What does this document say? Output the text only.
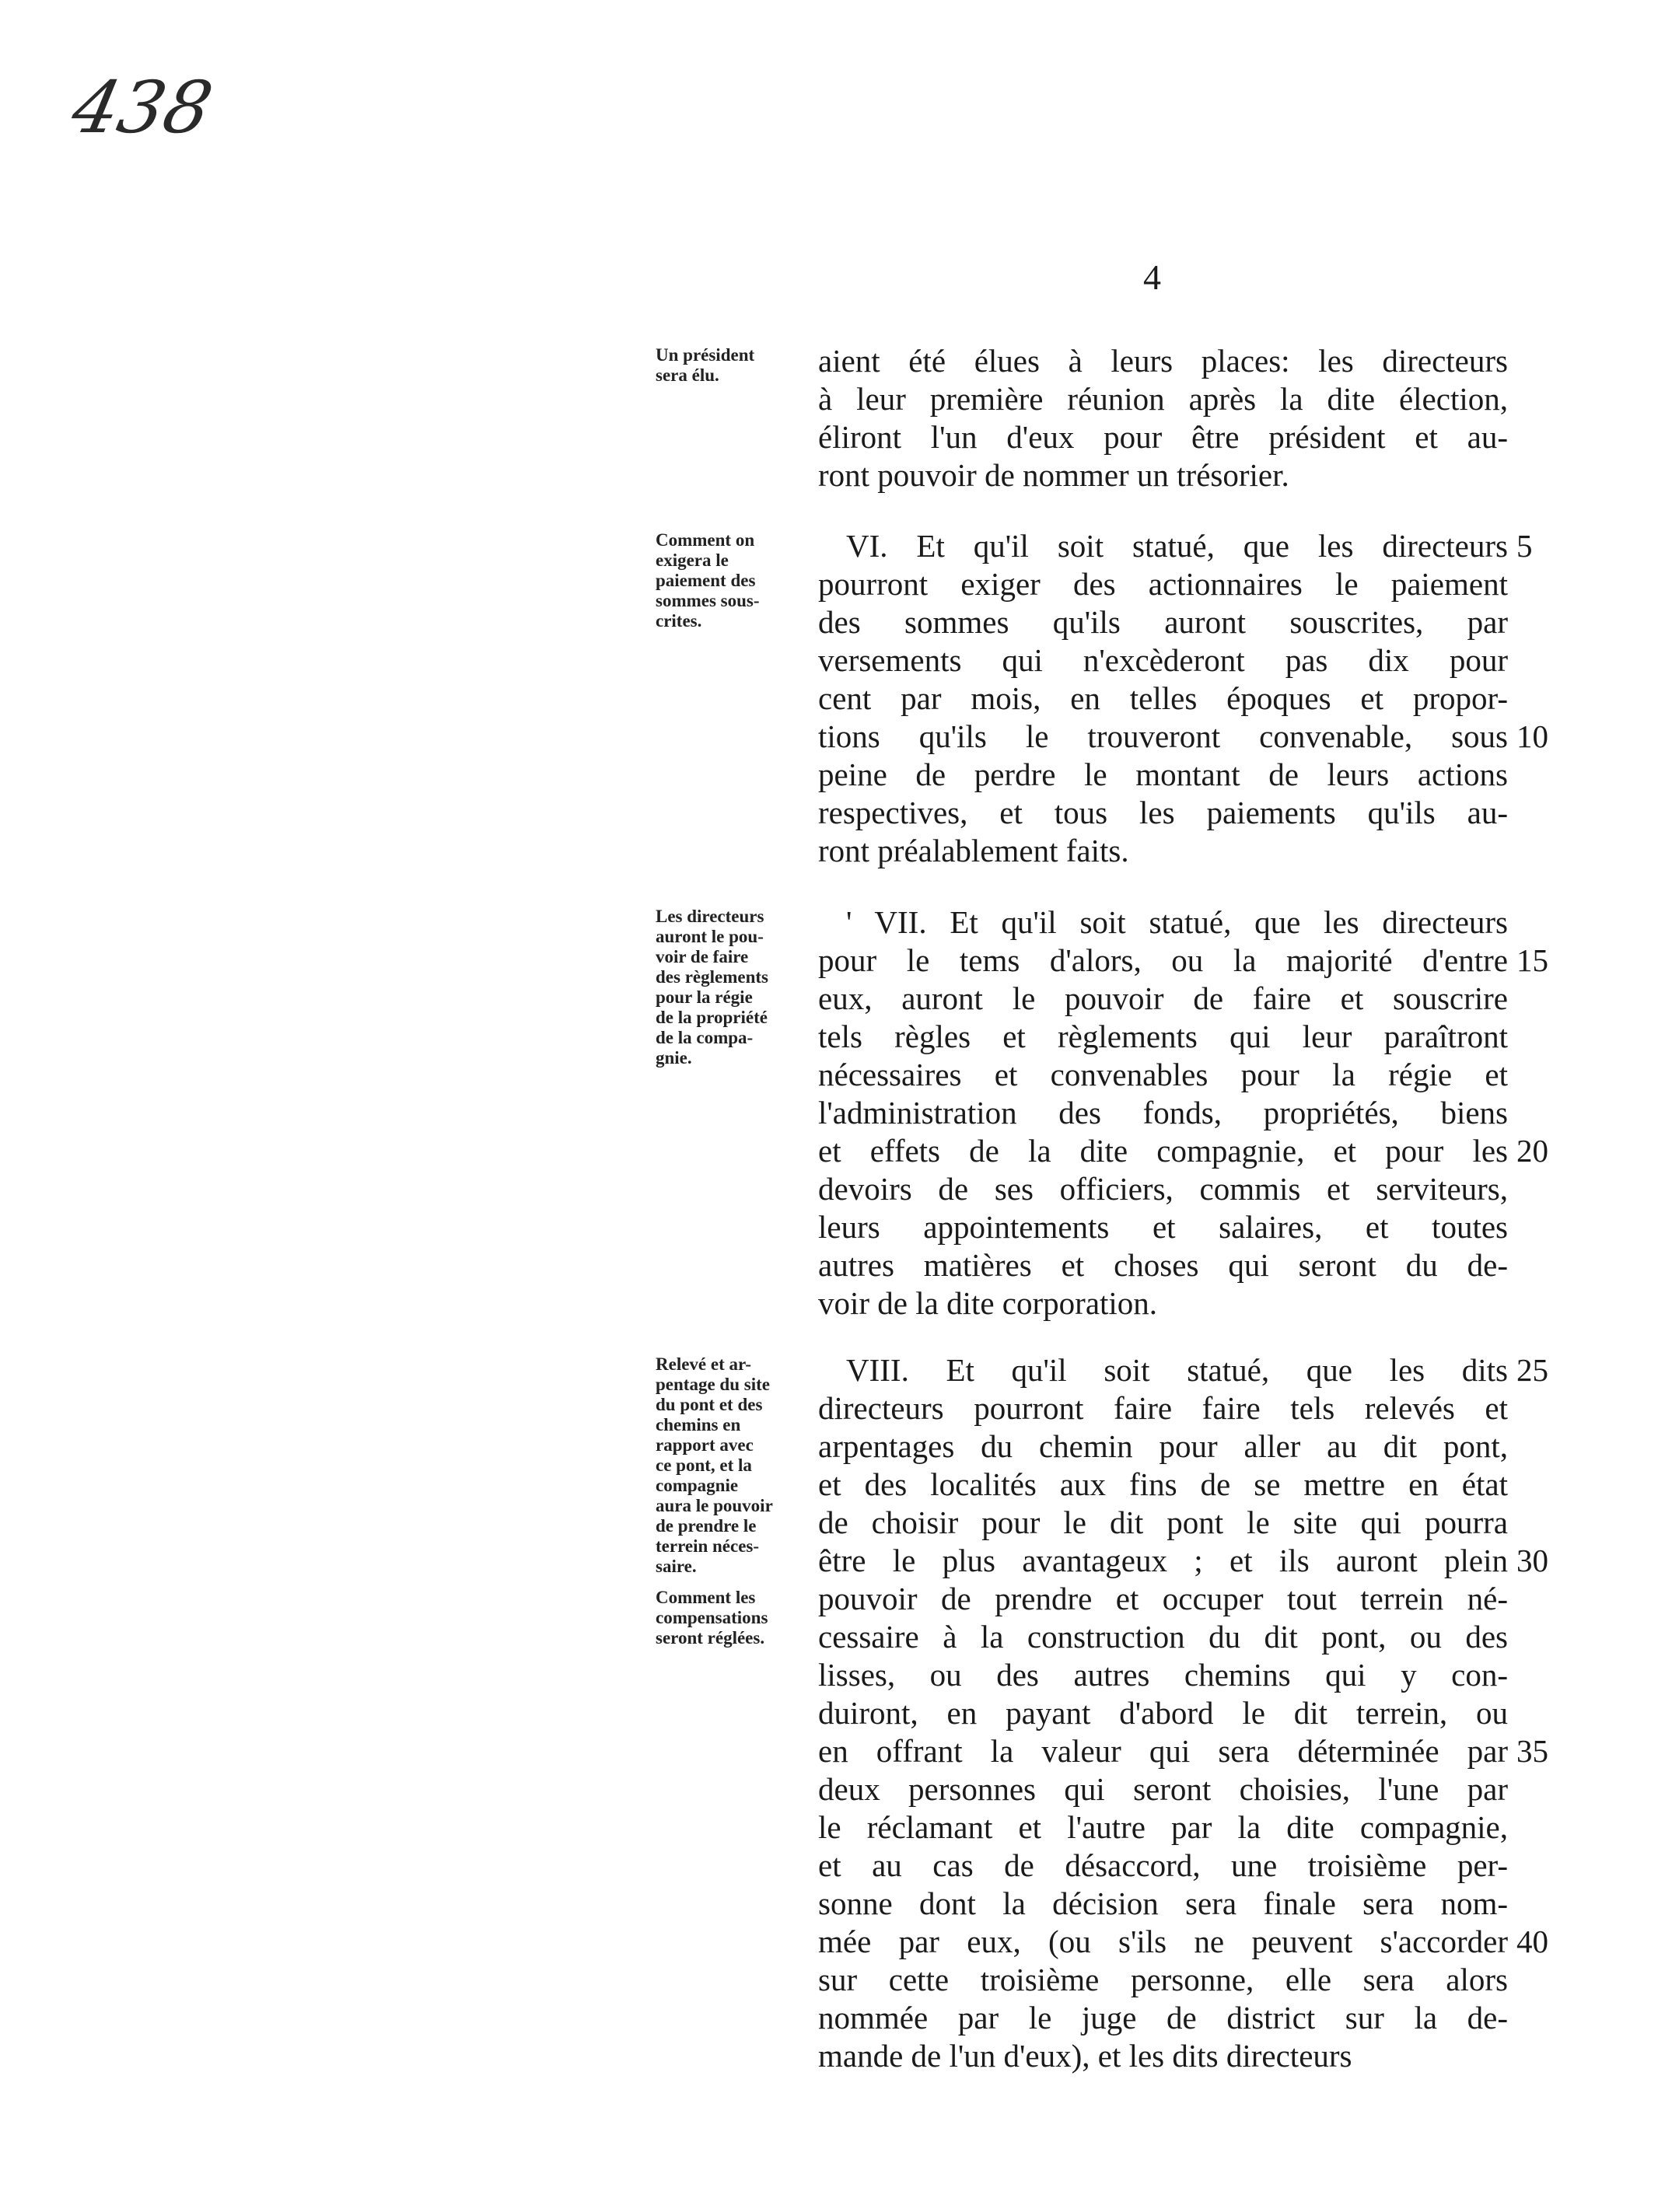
438
4
Un président
sera élu.	aient été élues à leurs places: les directeurs
à leur première réunion après la dite élection,
éliront l'un d'eux pour être président et au-
ront pouvoir de nommer un trésorier.
Comment on
exigera le
paiement des
sommes sous-
crites.
VI. Et qu'il soit statué, que les directeurs
pourront exiger des actionnaires le paiement
des sommes qu'ils auront souscrites, par
versements qui n'excèderont pas dix pour
cent par mois, en telles époques et propor-
tions qu'ils le trouveront convenable, sous
peine de perdre le montant de leurs actions
respectives, et tous les paiements qu'ils au-
ront préalablement faits.
5
10
Les directeurs
auront le pou-
voir de faire
des règlements
pour la régie
de la propriété
de la compa-
gnie.
' VII. Et qu'il soit statué, que les directeurs
pour le tems d'alors, ou la majorité d'entre
eux, auront le pouvoir de faire et souscrire
tels règles et règlements qui leur paraîtront
nécessaires et convenables pour la régie et
l'administration des fonds, propriétés, biens
et effets de la dite compagnie, et pour les
devoirs de ses officiers, commis et serviteurs,
leurs appointements et salaires, et toutes
autres matières et choses qui seront du de-
voir de la dite corporation.
15
20
Relevé et ar-
pentage du site
du pont et des
chemins en
rapport avec
ce pont, et la
compagnie
aura le pouvoir
de prendre le
terrein néces-
saire.
Comment les
compensations
seront réglées.
VIII. Et qu'il soit statué, que les dits
directeurs pourront faire faire tels relevés et
arpentages du chemin pour aller au dit pont,
et des localités aux fins de se mettre en état
de choisir pour le dit pont le site qui pourra
être le plus avantageux ; et ils auront plein
pouvoir de prendre et occuper tout terrein né-
cessaire à la construction du dit pont, ou des
lisses, ou des autres chemins qui y con-
duiront, en payant d'abord le dit terrein, ou
en offrant la valeur qui sera déterminée par
deux personnes qui seront choisies, l'une par
le réclamant et l'autre par la dite compagnie,
et au cas de désaccord, une troisième per-
sonne dont la décision sera finale sera nom-
mée par eux, (ou s'ils ne peuvent s'accorder
sur cette troisième personne, elle sera alors
nommée par le juge de district sur la de-
mande de l'un d'eux), et les dits directeurs
25
30
35
40
